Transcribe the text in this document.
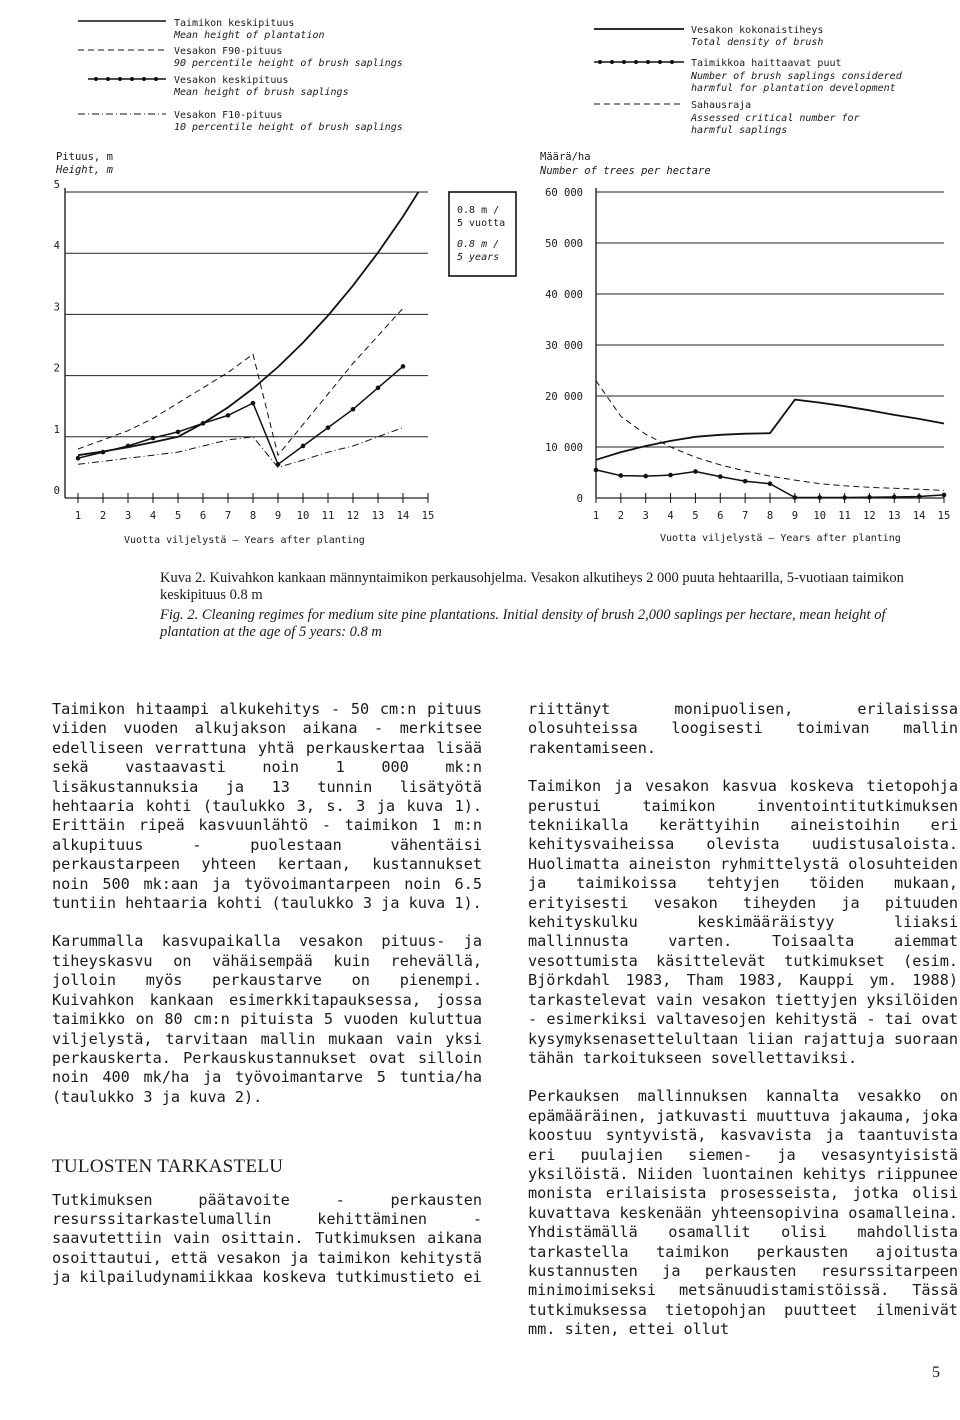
Taimikon keskipituus
Mean height of plantation
Vesakon F90-pituus
90 percentile height of brush saplings
Vesakon keskipituus
Mean height of brush saplings
Vesakon F10-pituus
10 percentile height of brush saplings
Pituus, m
Height, m
0
1
2
3
4
5
1 2 3 4 5 6 7 8 9 10 11 12 13 14 15
0.8 m /
5 vuotta
0.8 m /
5 years
Vuotta viljelystä – Years after planting
Vesakon kokonaistiheys
Total density of brush
Taimikkoa haittaavat puut
Number of brush saplings considered
harmful for plantation development
Sahausraja
Assessed critical number for
harmful saplings
Määrä/ha
Number of trees per hectare
0
10 000
20 000
30 000
40 000
50 000
60 000
1 2 3 4 5 6 7 8 9 10 11 12 13 14 15
Vuotta viljelystä – Years after planting

Kuva 2. Kuivahkon kankaan männyntaimikon perkausohjelma. Vesakon alkutiheys 2 000 puuta hehtaarilla, 5-vuotiaan taimikon keskipituus 0.8 m

Fig. 2. Cleaning regimes for medium site pine plantations. Initial density of brush 2,000 saplings per hectare, mean height of plantation at the age of 5 years: 0.8 m

Taimikon hitaampi alkukehitys - 50 cm:n pituus viiden vuoden alkujakson aikana - merkitsee edelliseen verrattuna yhtä perkauskertaa lisää sekä vastaavasti noin 1 000 mk:n lisäkustannuksia ja 13 tunnin lisätyötä hehtaaria kohti (taulukko 3, s. 3 ja kuva 1). Erittäin ripeä kasvuunlähtö - taimikon 1 m:n alkupituus - puolestaan vähentäisi perkaustarpeen yhteen kertaan, kustannukset noin 500 mk:aan ja työvoimantarpeen noin 6.5 tuntiin hehtaaria kohti (taulukko 3 ja kuva 1).

Karummalla kasvupaikalla vesakon pituus- ja tiheyskasvu on vähäisempää kuin rehevällä, jolloin myös perkaustarve on pienempi. Kuivahkon kankaan esimerkkitapauksessa, jossa taimikko on 80 cm:n pituista 5 vuoden kuluttua viljelystä, tarvitaan mallin mukaan vain yksi perkauskerta. Perkauskustannukset ovat silloin noin 400 mk/ha ja työvoimantarve 5 tuntia/ha (taulukko 3 ja kuva 2).

TULOSTEN TARKASTELU

Tutkimuksen päätavoite - perkausten resurssitarkastelumallin kehittäminen - saavutettiin vain osittain. Tutkimuksen aikana osoittautui, että vesakon ja taimikon kehitystä ja kilpailudynamiikkaa koskeva tutkimustieto ei

riittänyt monipuolisen, erilaisissa olosuhteissa loogisesti toimivan mallin rakentamiseen.

Taimikon ja vesakon kasvua koskeva tietopohja perustui taimikon inventointitutkimuksen tekniikalla kerättyihin aineistoihin eri kehitysvaiheissa olevista uudistusaloista. Huolimatta aineiston ryhmittelystä olosuhteiden ja taimikoissa tehtyjen töiden mukaan, erityisesti vesakon tiheyden ja pituuden kehityskulku keskimääräistyy liiaksi mallinnusta varten. Toisaalta aiemmat vesottumista käsittelevät tutkimukset (esim. Björkdahl 1983, Tham 1983, Kauppi ym. 1988) tarkastelevat vain vesakon tiettyjen yksilöiden - esimerkiksi valtavesojen kehitystä - tai ovat kysymyksenasettelultaan liian rajattuja suoraan tähän tarkoitukseen sovellettaviksi.

Perkauksen mallinnuksen kannalta vesakko on epämääräinen, jatkuvasti muuttuva jakauma, joka koostuu syntyvistä, kasvavista ja taantuvista eri puulajien siemen- ja vesasyntyisistä yksilöistä. Niiden luontainen kehitys riippunee monista erilaisista prosesseista, jotka olisi kuvattava keskenään yhteensopivina osamalleina. Yhdistämällä osamallit olisi mahdollista tarkastella taimikon perkausten ajoitusta kustannusten ja perkausten resurssitarpeen minimoimiseksi metsänuudistamistöissä. Tässä tutkimuksessa tietopohjan puutteet ilmenivät mm. siten, ettei ollut

5
